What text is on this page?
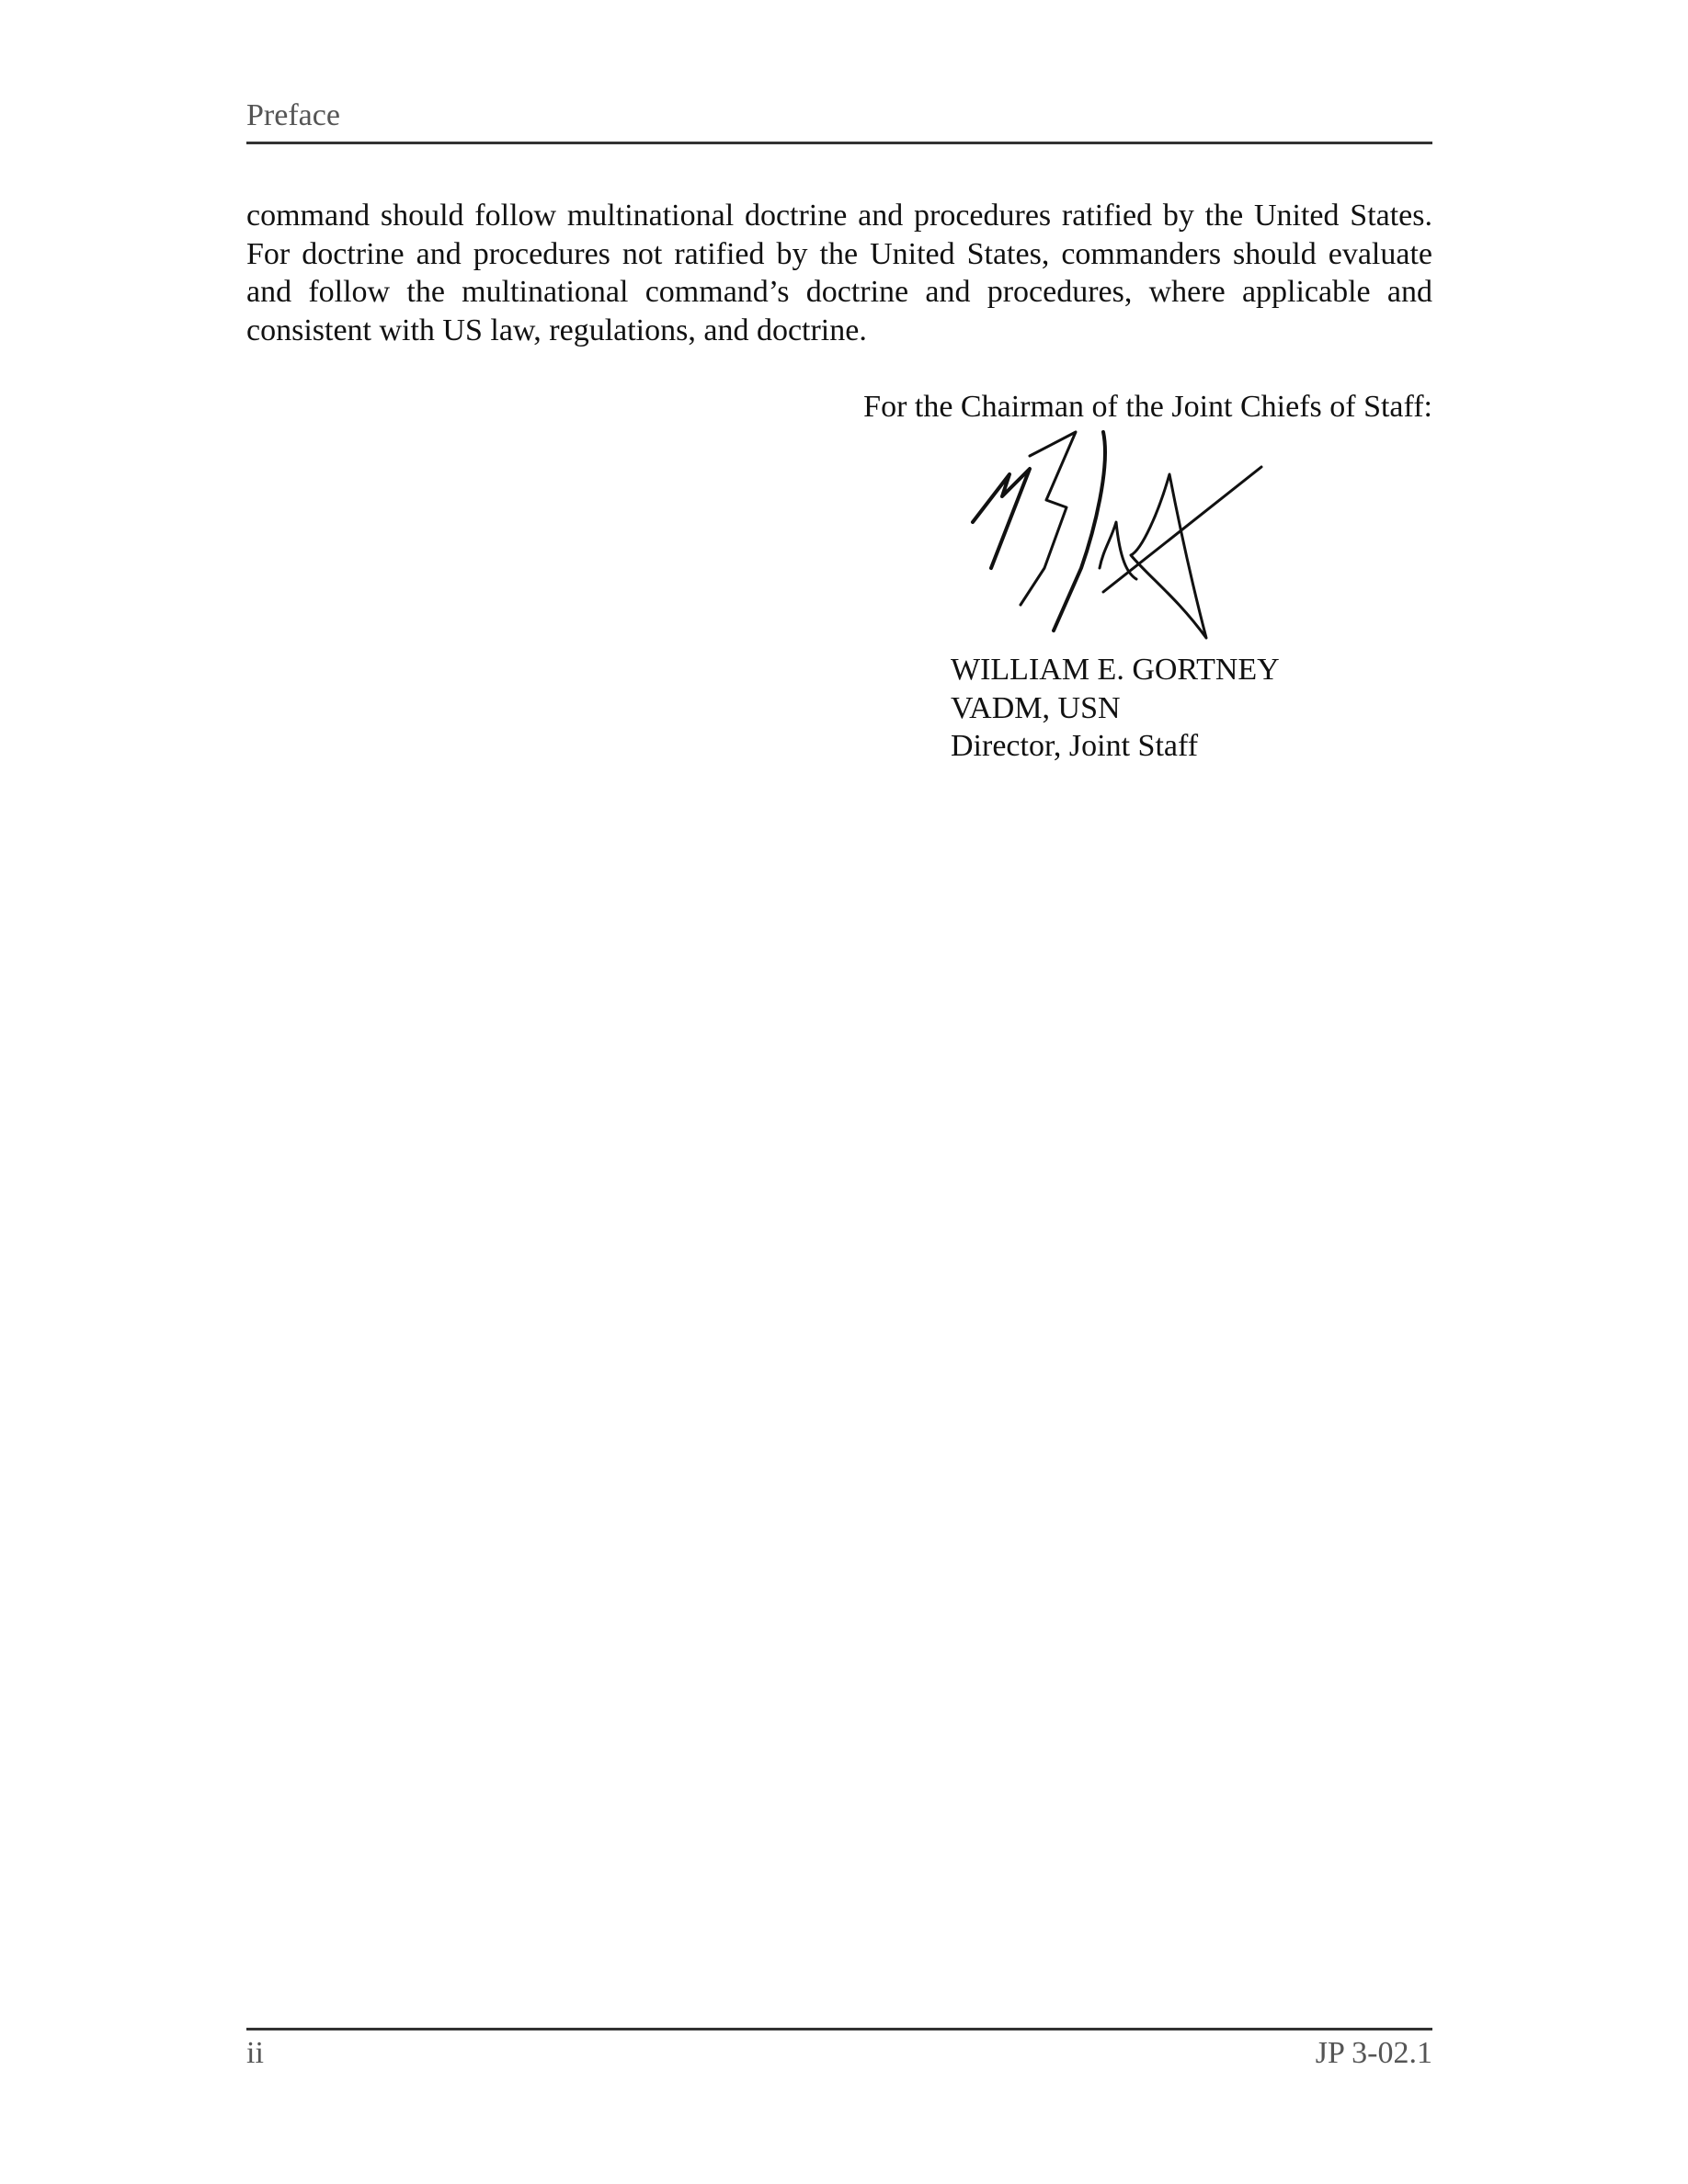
Preface
command should follow multinational doctrine and procedures ratified by the United States. For doctrine and procedures not ratified by the United States, commanders should evaluate and follow the multinational command’s doctrine and procedures, where applicable and consistent with US law, regulations, and doctrine.
For the Chairman of the Joint Chiefs of Staff:
WILLIAM E. GORTNEY
VADM, USN
Director, Joint Staff
ii	JP 3-02.1
